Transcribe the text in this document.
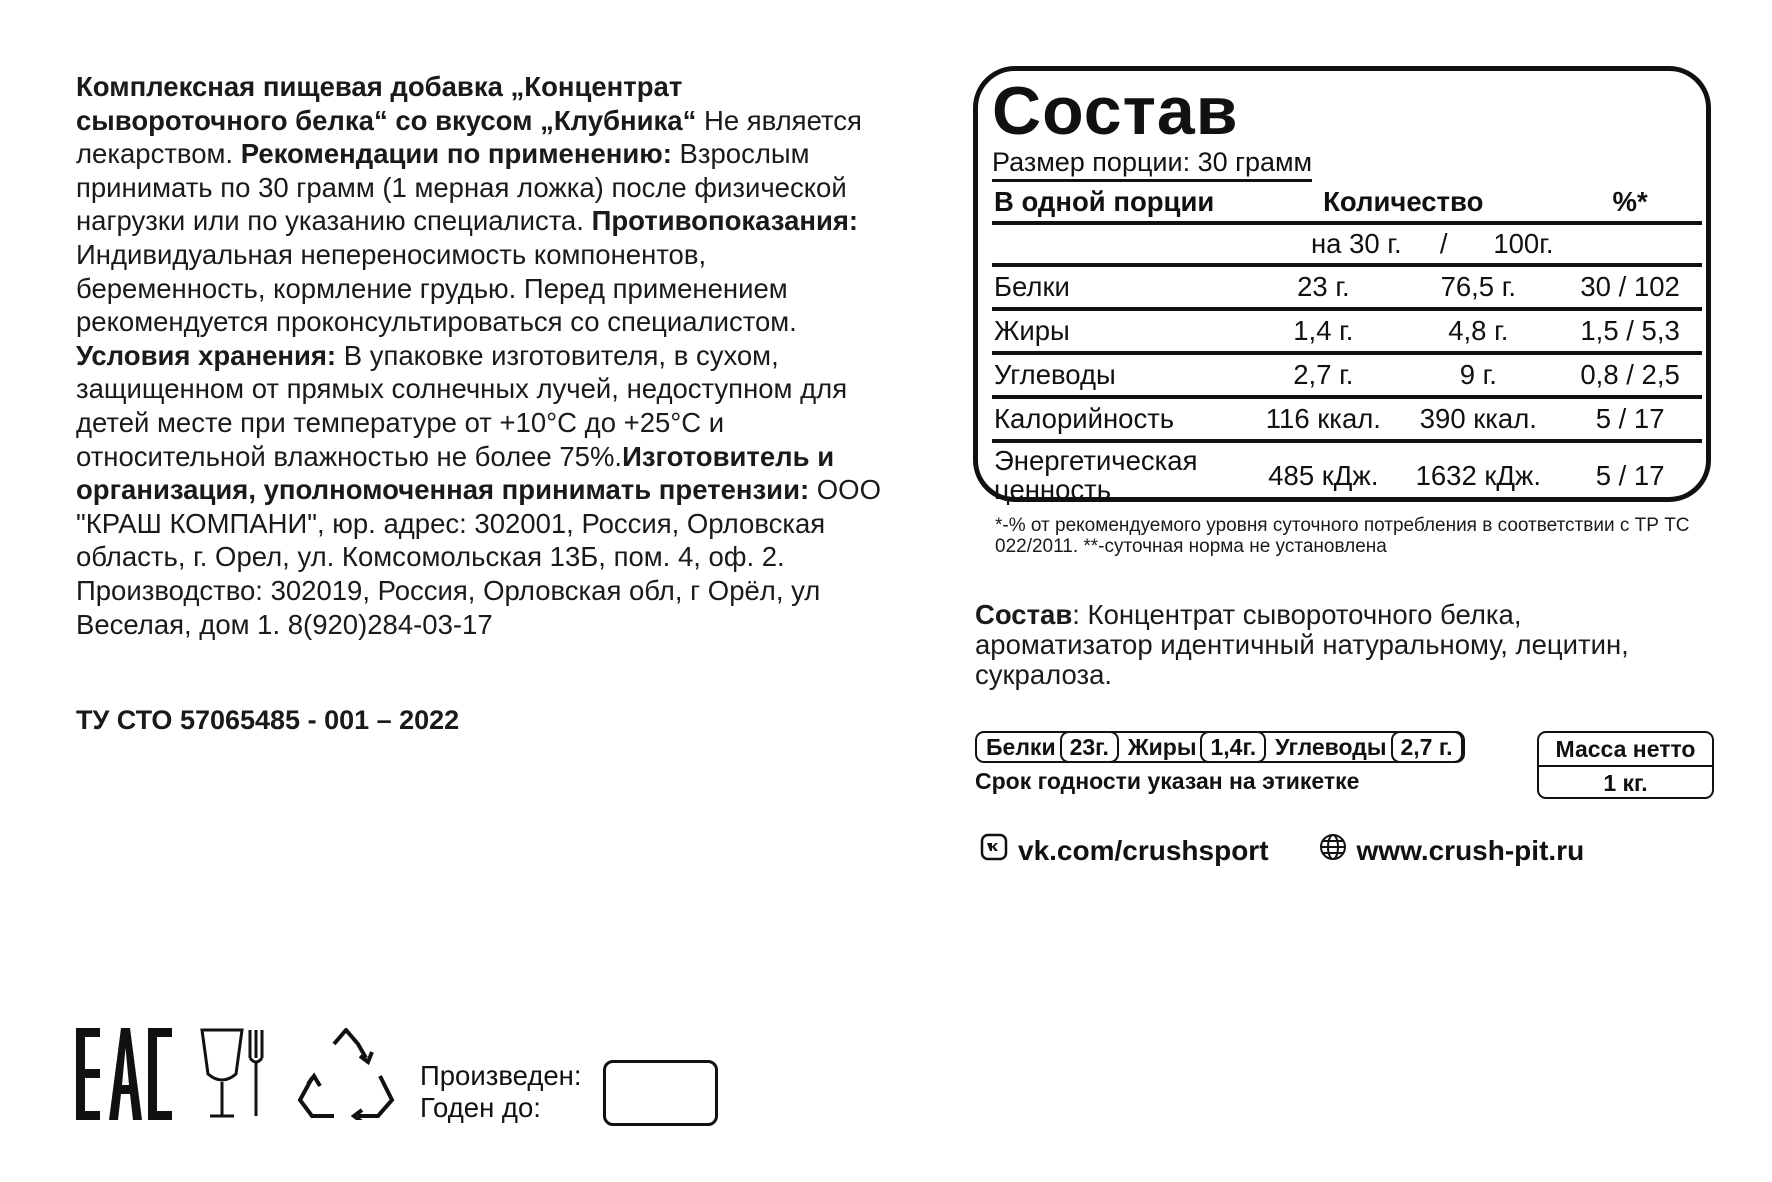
Комплексная пищевая добавка „Концентрат сывороточного белка“ со вкусом „Клубника“ Не является лекарством. Рекомендации по применению: Взрослым принимать по 30 грамм (1 мерная ложка) после физической нагрузки или по указанию специалиста. Противопоказания: Индивидуальная непереносимость компонентов, беременность, кормление грудью. Перед применением рекомендуется проконсультироваться со специалистом. Условия хранения: В упаковке изготовителя, в сухом, защищенном от прямых солнечных лучей, недоступном для детей месте при температуре от +10°С до +25°С и относительной влажностью не более 75%.Изготовитель и организация, уполномоченная принимать претензии: ООО "КРАШ КОМПАНИ", юр. адрес: 302001, Россия, Орловская область, г. Орел, ул. Комсомольская 13Б, пом. 4, оф. 2. Производство: 302019, Россия, Орловская обл, г Орёл, ул Веселая, дом 1. 8(920)284-03-17
ТУ СТО 57065485 - 001 – 2022
Состав
Размер порции: 30 грамм
В одной порции	Количество		%*
	на 30 г. / 100г.		
Белки	23 г.	76,5 г.	30 / 102
Жиры	1,4 г.	4,8 г.	1,5 / 5,3
Углеводы	2,7 г.	9 г.	0,8 / 2,5
Калорийность	116 ккал.	390 ккал.	5 / 17
Энергетическая
ценность	485 кДж.	1632 кДж.	5 / 17
*-% от рекомендуемого уровня суточного потребления в соответствии с ТР ТС 022/2011. **-суточная норма не установлена
Состав: Концентрат сывороточного белка, ароматизатор идентичный натуральному, лецитин, сукралоза.
Белки 23г. Жиры 1,4г. Углеводы 2,7 г.
Срок годности указан на этикетке
Масса нетто
1 кг.
vk.com/crushsport	www.crush-pit.ru
Произведен:
Годен до:
